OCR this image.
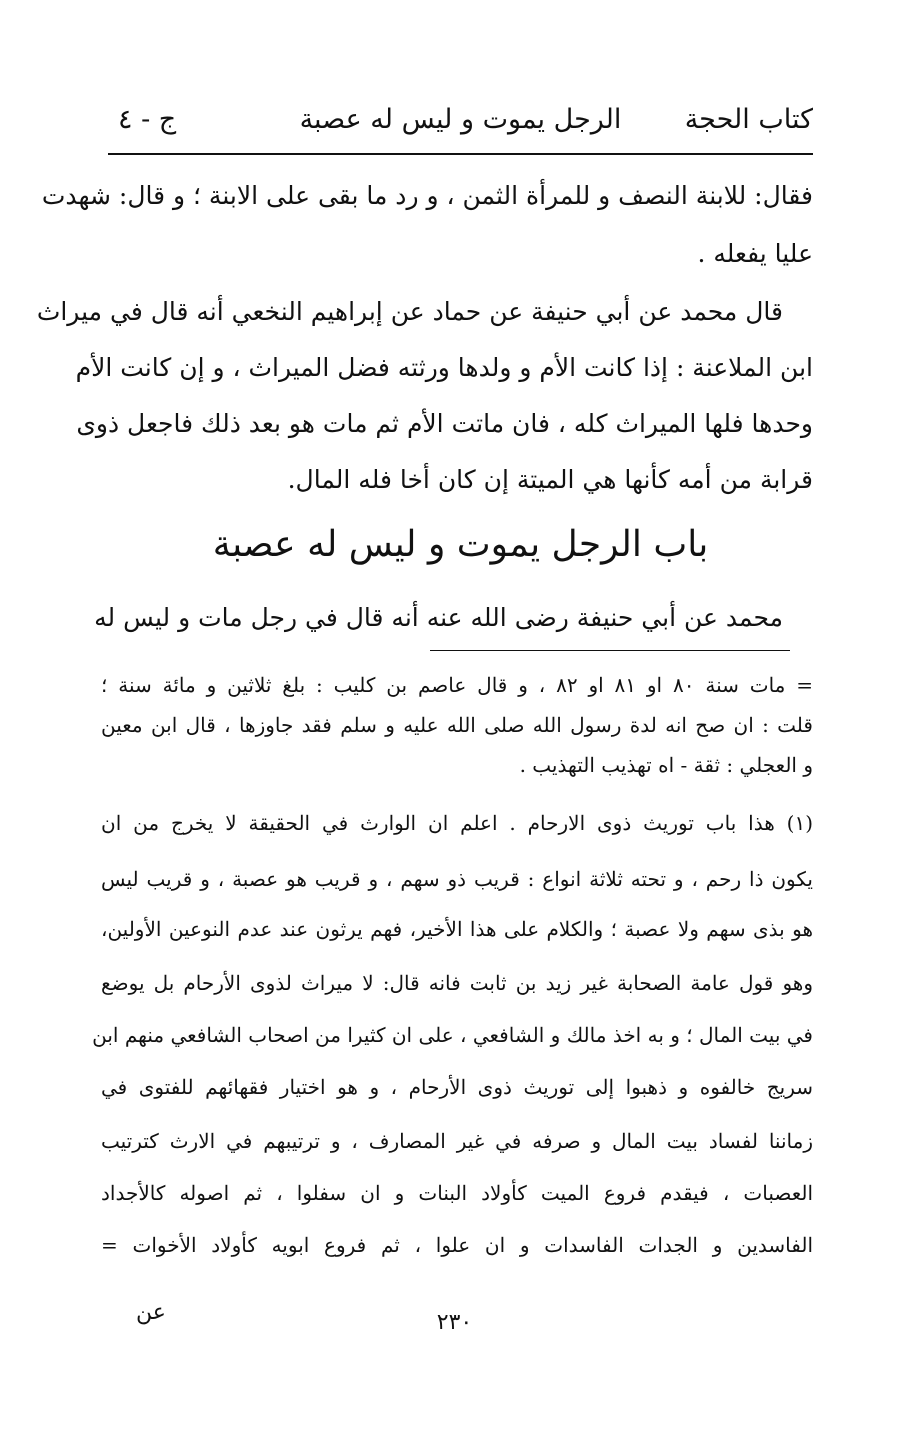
كتاب الحجة
الرجل يموت و ليس له عصبة
ج - ٤
فقال: للابنة النصف و للمرأة الثمن ، و رد ما بقى على الابنة ؛ و قال: شهدت
عليا يفعله .
قال محمد عن أبي حنيفة عن حماد عن إبراهيم النخعي أنه قال في ميراث
ابن الملاعنة : إذا كانت الأم و ولدها ورثته فضل الميراث ، و إن كانت الأم
وحدها فلها الميراث كله ، فان ماتت الأم ثم مات هو بعد ذلك فاجعل ذوى
قرابة من أمه كأنها هي الميتة إن كان أخا فله المال.
باب الرجل يموت و ليس له عصبة
محمد عن أبي حنيفة رضى الله عنه أنه قال في رجل مات و ليس له
= مات سنة ٨٠ او ٨١ او ٨٢ ، و قال عاصم بن كليب : بلغ ثلاثين و مائة سنة ؛
قلت : ان صح انه لدة رسول الله صلى الله عليه و سلم فقد جاوزها ، قال ابن معين
و العجلي : ثقة - اه تهذيب التهذيب .
(١) هذا باب توريث ذوى الارحام . اعلم ان الوارث في الحقيقة لا يخرج من ان
يكون ذا رحم ، و تحته ثلاثة انواع : قريب ذو سهم ، و قريب هو عصبة ، و قريب ليس
هو بذى سهم ولا عصبة ؛ والكلام على هذا الأخير، فهم يرثون عند عدم النوعين الأولين،
وهو قول عامة الصحابة غير زيد بن ثابت فانه قال: لا ميراث لذوى الأرحام بل يوضع
في بيت المال ؛ و به اخذ مالك و الشافعي ، على ان كثيرا من اصحاب الشافعي منهم ابن
سريج خالفوه و ذهبوا إلى توريث ذوى الأرحام ، و هو اختيار فقهائهم للفتوى في
زماننا لفساد بيت المال و صرفه في غير المصارف ، و ترتيبهم في الارث كترتيب
العصبات ، فيقدم فروع الميت كأولاد البنات و ان سفلوا ، ثم اصوله كالأجداد
الفاسدين و الجدات الفاسدات و ان علوا ، ثم فروع ابويه كأولاد الأخوات =
عن	٢٣٠
